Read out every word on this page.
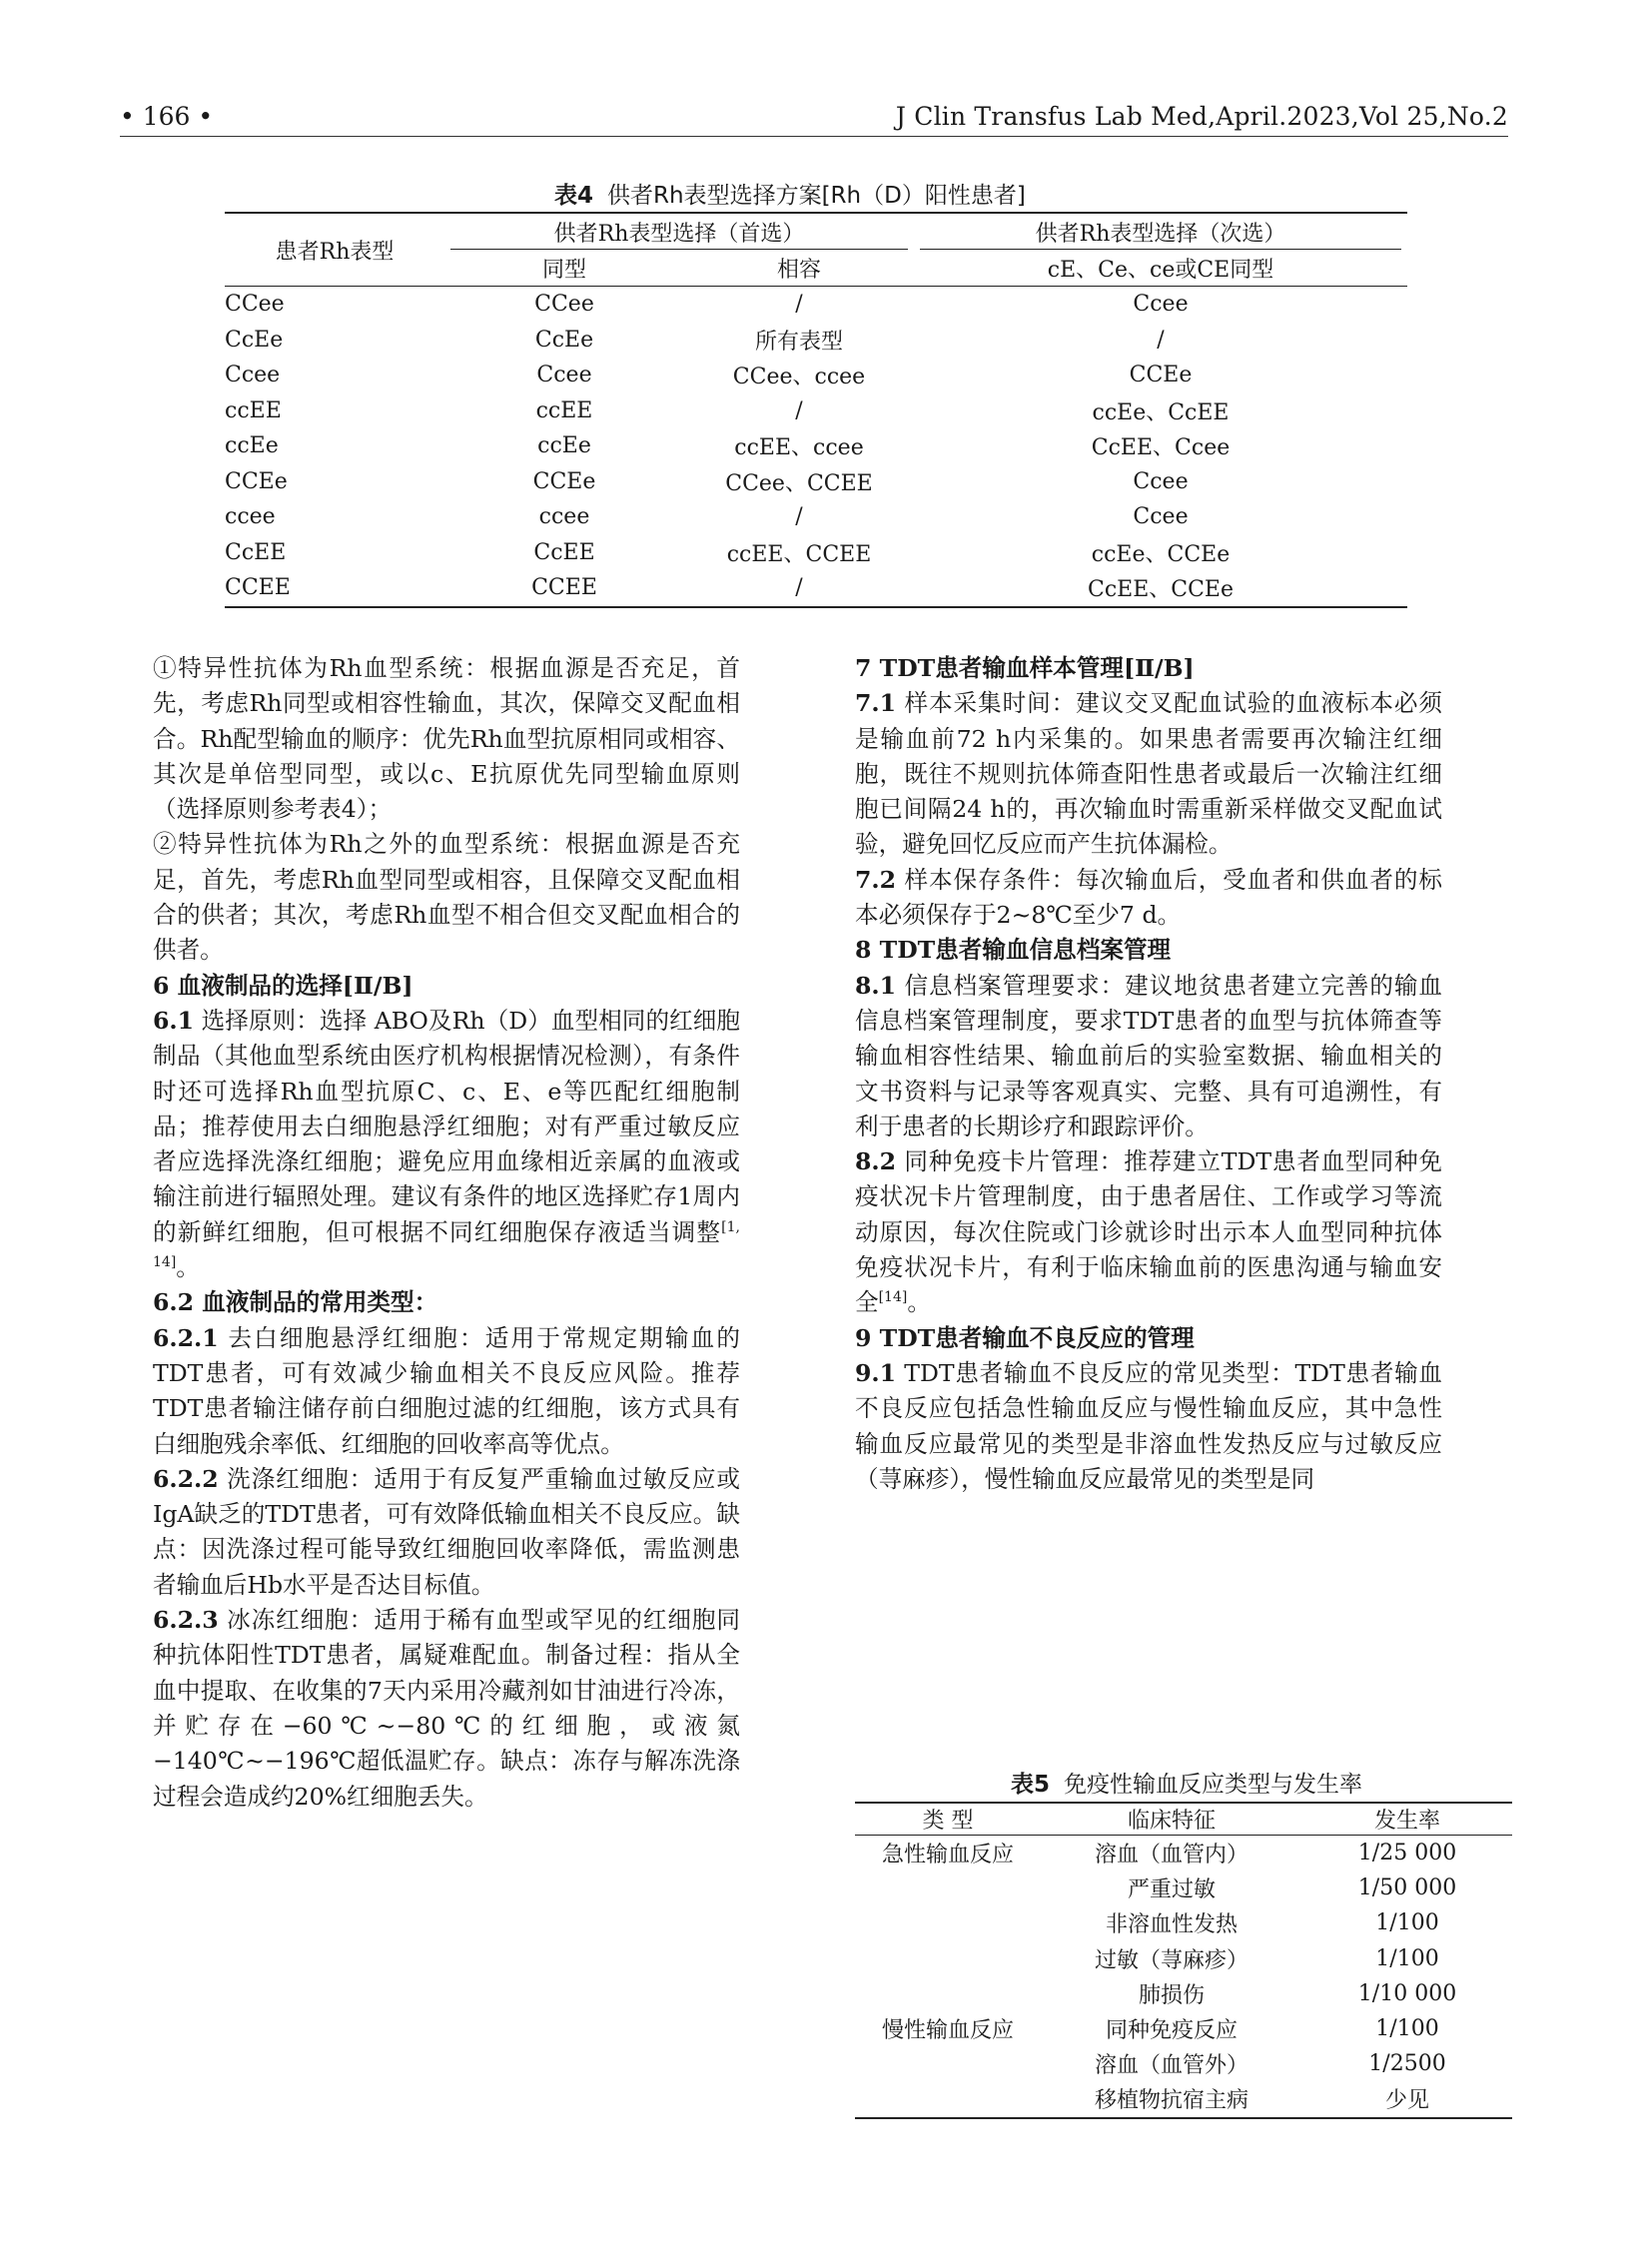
• 166 •	J Clin Transfus Lab Med,April.2023,Vol 25,No.2
表4 供者Rh表型选择方案[Rh（D）阳性患者]
患者Rh表型	供者Rh表型选择（首选）		供者Rh表型选择（次选）

	同型	相容	cE、Ce、ce或CE同型
CCee	CCee	/	Ccee
CcEe	CcEe	所有表型	/
Ccee	Ccee	CCee、ccee	CCEe
ccEE	ccEE	/	ccEe、CcEE
ccEe	ccEe	ccEE、ccee	CcEE、Ccee
CCEe	CCEe	CCee、CCEE	Ccee
ccee	ccee	/	Ccee
CcEE	CcEE	ccEE、CCEE	ccEe、CCEe
CCEE	CCEE	/	CcEE、CCEe

①特异性抗体为Rh血型系统：根据血源是否充足，首先，考虑Rh同型或相容性输血，其次，保障交叉配血相合。Rh配型输血的顺序：优先Rh血型抗原相同或相容、其次是单倍型同型，或以c、E抗原优先同型输血原则（选择原则参考表4）；

②特异性抗体为Rh之外的血型系统：根据血源是否充足，首先，考虑Rh血型同型或相容，且保障交叉配血相合的供者；其次，考虑Rh血型不相合但交叉配血相合的供者。

6 血液制品的选择[Ⅱ/B]

6.1 选择原则：选择 ABO及Rh（D）血型相同的红细胞制品（其他血型系统由医疗机构根据情况检测），有条件时还可选择Rh血型抗原C、c、E、e等匹配红细胞制品；推荐使用去白细胞悬浮红细胞；对有严重过敏反应者应选择洗涤红细胞；避免应用血缘相近亲属的血液或输注前进行辐照处理。建议有条件的地区选择贮存1周内的新鲜红细胞，但可根据不同红细胞保存液适当调整[1, 14]。

6.2 血液制品的常用类型：

6.2.1 去白细胞悬浮红细胞：适用于常规定期输血的TDT患者，可有效减少输血相关不良反应风险。推荐TDT患者输注储存前白细胞过滤的红细胞，该方式具有白细胞残余率低、红细胞的回收率高等优点。

6.2.2 洗涤红细胞：适用于有反复严重输血过敏反应或IgA缺乏的TDT患者，可有效降低输血相关不良反应。缺点：因洗涤过程可能导致红细胞回收率降低，需监测患者输血后Hb水平是否达目标值。

6.2.3 冰冻红细胞：适用于稀有血型或罕见的红细胞同种抗体阳性TDT患者，属疑难配血。制备过程：指从全血中提取、在收集的7天内采用冷藏剂如甘油进行冷冻，并贮存在−60℃~−80℃的红细胞，或液氮−140℃~−196℃超低温贮存。缺点：冻存与解冻洗涤过程会造成约20%红细胞丢失。

7 TDT患者输血样本管理[Ⅱ/B]

7.1 样本采集时间：建议交叉配血试验的血液标本必须是输血前72 h内采集的。如果患者需要再次输注红细胞，既往不规则抗体筛查阳性患者或最后一次输注红细胞已间隔24 h的，再次输血时需重新采样做交叉配血试验，避免回忆反应而产生抗体漏检。

7.2 样本保存条件：每次输血后，受血者和供血者的标本必须保存于2~8℃至少7 d。

8 TDT患者输血信息档案管理

8.1 信息档案管理要求：建议地贫患者建立完善的输血信息档案管理制度，要求TDT患者的血型与抗体筛查等输血相容性结果、输血前后的实验室数据、输血相关的文书资料与记录等客观真实、完整、具有可追溯性，有利于患者的长期诊疗和跟踪评价。

8.2 同种免疫卡片管理：推荐建立TDT患者血型同种免疫状况卡片管理制度，由于患者居住、工作或学习等流动原因，每次住院或门诊就诊时出示本人血型同种抗体免疫状况卡片，有利于临床输血前的医患沟通与输血安全[14]。

9 TDT患者输血不良反应的管理

9.1 TDT患者输血不良反应的常见类型：TDT患者输血不良反应包括急性输血反应与慢性输血反应，其中急性输血反应最常见的类型是非溶血性发热反应与过敏反应（荨麻疹），慢性输血反应最常见的类型是同

表5 免疫性输血反应类型与发生率
类 型	临床特征	发生率
急性输血反应	溶血（血管内）	1/25 000
	严重过敏	1/50 000
	非溶血性发热	1/100
	过敏（荨麻疹）	1/100
	肺损伤	1/10 000
慢性输血反应	同种免疫反应	1/100
	溶血（血管外）	1/2500
	移植物抗宿主病	少见
